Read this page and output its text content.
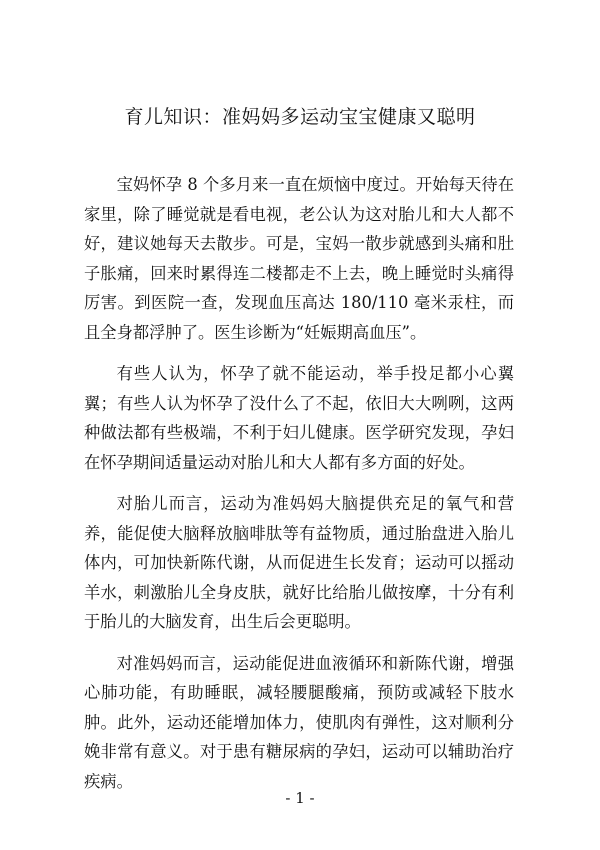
育儿知识：准妈妈多运动宝宝健康又聪明

宝妈怀孕 8 个多月来一直在烦恼中度过。开始每天待在家里，除了睡觉就是看电视，老公认为这对胎儿和大人都不好，建议她每天去散步。可是，宝妈一散步就感到头痛和肚子胀痛，回来时累得连二楼都走不上去，晚上睡觉时头痛得厉害。到医院一查，发现血压高达 180/110 毫米汞柱，而且全身都浮肿了。医生诊断为“妊娠期高血压”。

有些人认为，怀孕了就不能运动，举手投足都小心翼翼；有些人认为怀孕了没什么了不起，依旧大大咧咧，这两种做法都有些极端，不利于妇儿健康。医学研究发现，孕妇在怀孕期间适量运动对胎儿和大人都有多方面的好处。

对胎儿而言，运动为准妈妈大脑提供充足的氧气和营养，能促使大脑释放脑啡肽等有益物质，通过胎盘进入胎儿体内，可加快新陈代谢，从而促进生长发育；运动可以摇动羊水，刺激胎儿全身皮肤，就好比给胎儿做按摩，十分有利于胎儿的大脑发育，出生后会更聪明。

对准妈妈而言，运动能促进血液循环和新陈代谢，增强心肺功能，有助睡眠，减轻腰腿酸痛，预防或减轻下肢水肿。此外，运动还能增加体力，使肌肉有弹性，这对顺利分娩非常有意义。对于患有糖尿病的孕妇，运动可以辅助治疗疾病。

- 1 -
